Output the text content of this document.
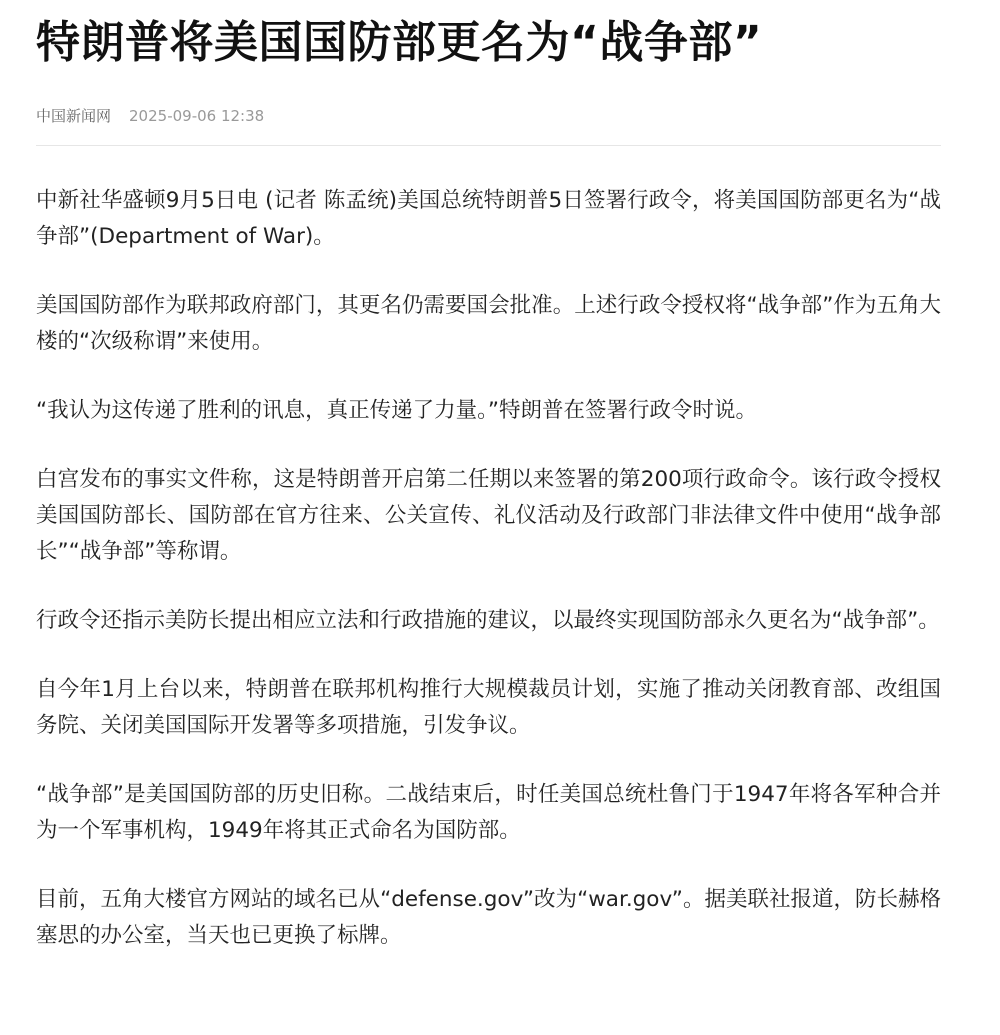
特朗普将美国国防部更名为“战争部”
中国新闻网 2025-09-06 12:38

中新社华盛顿9月5日电 (记者 陈孟统)美国总统特朗普5日签署行政令，将美国国防部更名为“战争部”(Department of War)。

美国国防部作为联邦政府部门，其更名仍需要国会批准。上述行政令授权将“战争部”作为五角大楼的“次级称谓”来使用。

“我认为这传递了胜利的讯息，真正传递了力量。”特朗普在签署行政令时说。

白宫发布的事实文件称，这是特朗普开启第二任期以来签署的第200项行政命令。该行政令授权美国国防部长、国防部在官方往来、公关宣传、礼仪活动及行政部门非法律文件中使用“战争部长”“战争部”等称谓。

行政令还指示美防长提出相应立法和行政措施的建议，以最终实现国防部永久更名为“战争部”。

自今年1月上台以来，特朗普在联邦机构推行大规模裁员计划，实施了推动关闭教育部、改组国务院、关闭美国国际开发署等多项措施，引发争议。

“战争部”是美国国防部的历史旧称。二战结束后，时任美国总统杜鲁门于1947年将各军种合并为一个军事机构，1949年将其正式命名为国防部。

目前，五角大楼官方网站的域名已从“defense.gov”改为“war.gov”。据美联社报道，防长赫格塞思的办公室，当天也已更换了标牌。
